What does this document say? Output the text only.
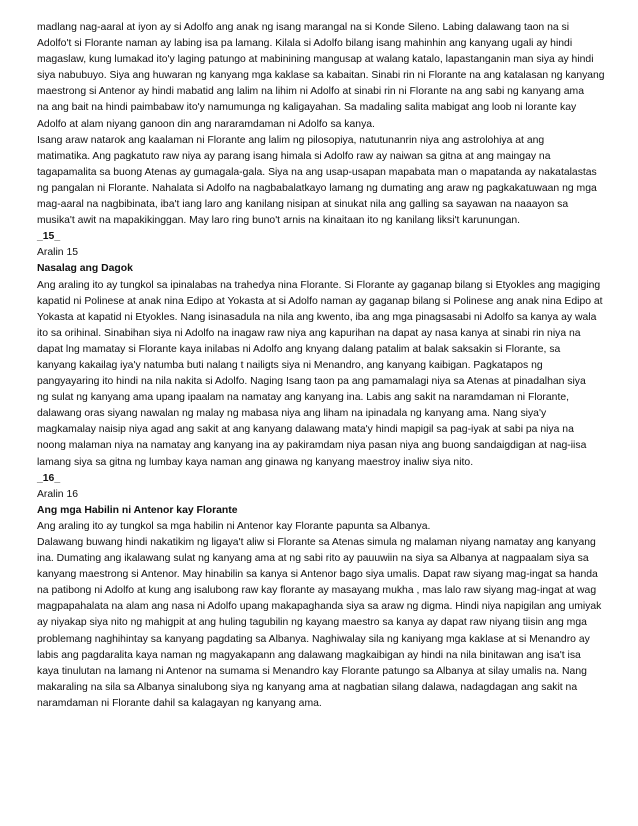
madlang nag-aaral at iyon ay si Adolfo ang anak ng isang marangal na si Konde Sileno. Labing dalawang taon na si
Adolfo't si Florante naman ay labing isa pa lamang. Kilala si Adolfo bilang isang mahinhin ang kanyang ugali ay hindi
magaslaw, kung lumakad ito'y laging patungo at mabinining mangusap at walang katalo, lapastanganin man siya ay hindi
siya nabubuyo. Siya ang huwaran ng kanyang mga kaklase sa kabaitan. Sinabi rin ni Florante na ang katalasan ng kanyang
maestrong si Antenor ay hindi mabatid ang lalim na lihim ni Adolfo at sinabi rin ni Florante na ang sabi ng kanyang ama
na ang bait na hindi paimbabaw ito'y namumunga ng kaligayahan. Sa madaling salita mabigat ang loob ni lorante kay
Adolfo at alam niyang ganoon din ang nararamdaman ni Adolfo sa kanya.
Isang araw natarok ang kaalaman ni Florante ang lalim ng pilosopiya, natutunanrin niya ang astrolohiya at ang
matimatika. Ang pagkatuto raw niya ay parang isang himala si Adolfo raw ay naiwan sa gitna at ang maingay na
tagapamalita sa buong Atenas ay gumagala-gala. Siya na ang usap-usapan mapabata man o mapatanda ay nakatalastas
ng pangalan ni Florante. Nahalata si Adolfo na nagbabalatkayo lamang ng dumating ang araw ng pagkakatuwaan ng mga
mag-aaral na nagbibinata, iba't iang laro ang kanilang nisipan at sinukat nila ang galling sa sayawan na naaayon sa
musika't awit na mapakikinggan. May laro ring buno't arnis na kinaitaan ito ng kanilang liksi't karunungan.
_15_
Aralin 15
Nasalag ang Dagok
Ang araling ito ay tungkol sa ipinalabas na trahedya nina Florante. Si Florante ay gaganap bilang si Etyokles ang magiging
kapatid ni Polinese at anak nina Edipo at Yokasta at si Adolfo naman ay gaganap bilang si Polinese ang anak nina Edipo at
Yokasta at kapatid ni Etyokles. Nang isinasadula na nila ang kwento, iba ang mga pinagsasabi ni Adolfo sa kanya ay wala
ito sa orihinal. Sinabihan siya ni Adolfo na inagaw raw niya ang kapurihan na dapat ay nasa kanya at sinabi rin niya na
dapat lng mamatay si Florante kaya inilabas ni Adolfo ang knyang dalang patalim at balak saksakin si Florante, sa
kanyang kakailag iya'y natumba buti nalang t nailigts siya ni Menandro, ang kanyang kaibigan. Pagkatapos ng
pangyayaring ito hindi na nila nakita si Adolfo. Naging Isang taon pa ang pamamalagi niya sa Atenas at pinadalhan siya
ng sulat ng kanyang ama upang ipaalam na namatay ang kanyang ina. Labis ang sakit na naramdaman ni Florante,
dalawang oras siyang nawalan ng malay ng mabasa niya ang liham na ipinadala ng kanyang ama. Nang siya'y
magkamalay naisip niya agad ang sakit at ang kanyang dalawang mata'y hindi mapigil sa pag-iyak at sabi pa niya na
noong malaman niya na namatay ang kanyang ina ay pakiramdam niya pasan niya ang buong sandaigdigan at nag-iisa
lamang siya sa gitna ng lumbay kaya naman ang ginawa ng kanyang maestroy inaliw siya nito.
_16_
Aralin 16
Ang mga Habilin ni Antenor kay Florante
Ang araling ito ay tungkol sa mga habilin ni Antenor kay Florante papunta sa Albanya.
Dalawang buwang hindi nakatikim ng ligaya't aliw si Florante sa Atenas simula ng malaman niyang namatay ang kanyang
ina. Dumating ang ikalawang sulat ng kanyang ama at ng sabi rito ay pauuwiin na siya sa Albanya at nagpaalam siya sa
kanyang maestrong si Antenor. May hinabilin sa kanya si Antenor bago siya umalis. Dapat raw siyang mag-ingat sa handa
na patibong ni Adolfo at kung ang isalubong raw kay florante ay masayang mukha , mas lalo raw siyang mag-ingat at wag
magpapahalata na alam ang nasa ni Adolfo upang makapaghanda siya sa araw ng digma. Hindi niya napigilan ang umiyak
ay niyakap siya nito ng mahigpit at ang huling tagubilin ng kayang maestro sa kanya ay dapat raw niyang tiisin ang mga
problemang naghihintay sa kanyang pagdating sa Albanya. Naghiwalay sila ng kaniyang mga kaklase at si Menandro ay
labis ang pagdaralita kaya naman ng magyakapann ang dalawang magkaibigan ay hindi na nila binitawan ang isa't isa
kaya tinulutan na lamang ni Antenor na sumama si Menandro kay Florante patungo sa Albanya at silay umalis na. Nang
makaraling na sila sa Albanya sinalubong siya ng kanyang ama at nagbatian silang dalawa, nadagdagan ang sakit na
naramdaman ni Florante dahil sa kalagayan ng kanyang ama.
